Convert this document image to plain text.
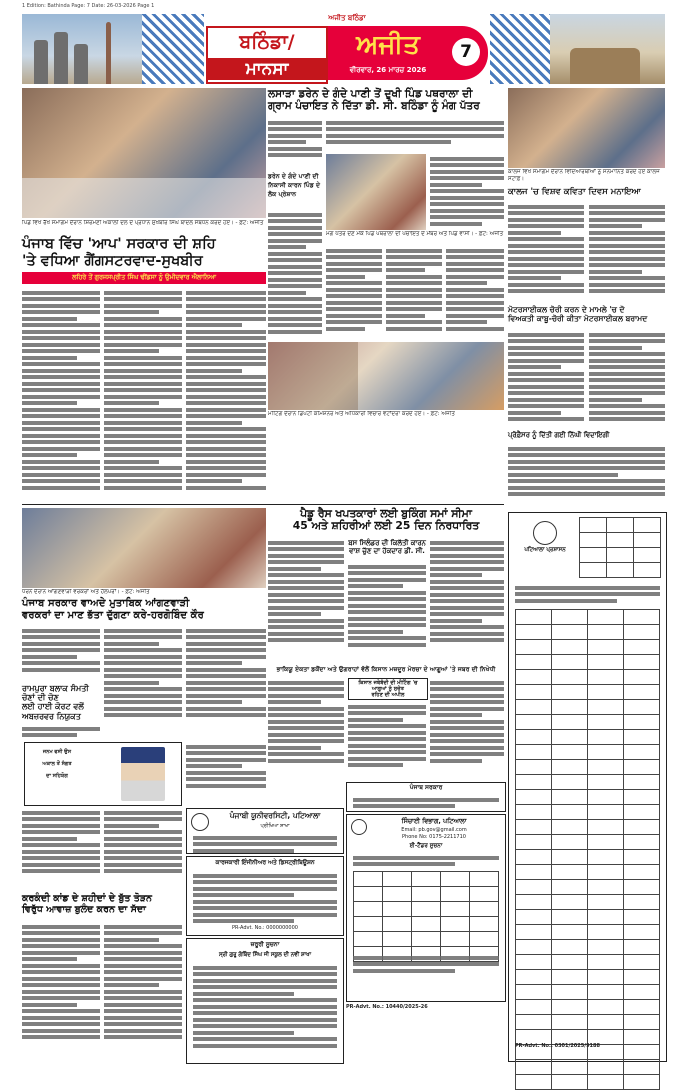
1 Edition: Bathinda Page: 7 Date: 26-03-2026 Page 1
ਅਜੀਤ ਬਠਿੰਡਾ
ਬਠਿੰਡਾ/
ਮਾਨਸਾ
ਅਜੀਤ
ਵੀਰਵਾਰ, 26 ਮਾਰਚ 2026
7
ਲਸਾੜਾ ਡਰੇਨ ਦੇ ਗੰਦੇ ਪਾਣੀ ਤੋਂ ਦੁਖੀ ਪਿੰਡ ਪਥਰਾਲਾ ਦੀ
ਗ੍ਰਾਮ ਪੰਚਾਇਤ ਨੇ ਦਿੱਤਾ ਡੀ. ਸੀ. ਬਠਿੰਡਾ ਨੂੰ ਮੰਗ ਪੱਤਰ
ਪਿੰਡ ਵਿਖੇ ਰੱਖੇ ਸਮਾਗਮ ਦੌਰਾਨ ਸ਼ਿਰੋਮਣੀ ਅਕਾਲੀ ਦਲ ਦੇ ਪ੍ਰਧਾਨ ਸੁਖਬੀਰ ਸਿੰਘ ਬਾਦਲ ਸੰਬੋਧਨ ਕਰਦੇ ਹੋਏ। - ਫ਼ੋਟੋ: ਅਜੀਤ
ਪੰਜਾਬ ਵਿੱਚ 'ਆਪ' ਸਰਕਾਰ ਦੀ ਸ਼ਹਿ
'ਤੇ ਵਧਿਆ ਗੈਂਗਸਟਰਵਾਦ-ਸੁਖਬੀਰ
ਲਹਿਰੇ ਤੋਂ ਗੁਰਜਸਪ੍ਰੀਤ ਸਿੰਘ ਢੀਂਡਸਾ ਨੂੰ ਉਮੀਦਵਾਰ ਐਲਾਨਿਆ
ਡਰੇਨ ਦੇ ਗੰਦੇ ਪਾਣੀ ਦੀ ਨਿਕਾਸੀ ਕਾਰਨ ਪਿੰਡ ਦੇ ਲੋਕ ਪ੍ਰੇਸ਼ਾਨ
ਮੰਗ ਪੱਤਰ ਦੇਣ ਮੌਕੇ ਪਿੰਡ ਪਥਰਾਲਾ ਦੀ ਪੰਚਾਇਤ ਦੇ ਮੈਂਬਰ ਅਤੇ ਪਿੰਡ ਵਾਸੀ। - ਫ਼ੋਟੋ: ਅਜੀਤ
ਮੀਟਿੰਗ ਦੌਰਾਨ ਡਿਪਟੀ ਕਮਿਸ਼ਨਰ ਅਤੇ ਅਧਿਕਾਰੀ ਵਿਚਾਰ ਵਟਾਂਦਰਾ ਕਰਦੇ ਹੋਏ। - ਫ਼ੋਟੋ: ਅਜੀਤ
ਕਾਲਜ ਵਿਖੇ ਸਮਾਗਮ ਦੌਰਾਨ ਵਿਦਿਆਰਥੀਆਂ ਨੂੰ ਸਨਮਾਨਿਤ ਕਰਦੇ ਹੋਏ ਕਾਲਜ ਸਟਾਫ਼।
ਕਾਲਜ 'ਚ ਵਿਸ਼ਵ ਕਵਿਤਾ ਦਿਵਸ ਮਨਾਇਆ
ਮੋਟਰਸਾਈਕਲ ਚੋਰੀ ਕਰਨ ਦੇ ਮਾਮਲੇ 'ਚ ਦੋ
ਵਿਅਕਤੀ ਕਾਬੂ-ਚੋਰੀ ਕੀਤਾ ਮੋਟਰਸਾਈਕਲ ਬਰਾਮਦ
ਪ੍ਰੋਫ਼ੈਸਰ ਨੂੰ ਦਿੱਤੀ ਗਈ ਨਿੱਘੀ ਵਿਦਾਇਗੀ
ਧਰਨੇ ਦੌਰਾਨ ਆਂਗਣਵਾੜੀ ਵਰਕਰਾਂ ਅਤੇ ਹੈਲਪਰਾਂ। - ਫ਼ੋਟੋ: ਅਜੀਤ
ਪੰਜਾਬ ਸਰਕਾਰ ਵਾਅਦੇ ਮੁਤਾਬਿਕ ਆਂਗਣਵਾੜੀ
ਵਰਕਰਾਂ ਦਾ ਮਾਣ ਭੱਤਾ ਦੁੱਗਣਾ ਕਰੇ-ਹਰਗੋਬਿੰਦ ਕੌਰ
ਰਾਮਪੁਰਾ ਬਲਾਕ ਸੰਮਤੀ ਚੋਣਾਂ ਦੀ ਚੋਣ
ਲਈ ਹਾਈ ਕੋਰਟ ਵਲੋਂ ਅਬਜ਼ਰਵਰ ਨਿਯੁਕਤ
ਜਨਮ ਵਸੀ ਉਸ
ਅਕਾਲ ਤੋਂ ਸੰਗਤ
ਦਾ ਸਹਿਯੋਗ
ਕਰਕੰਦੀ ਕਾਂਡ ਦੇ ਸ਼ਹੀਦਾਂ ਦੇ ਬੁੱਤ ਤੋੜਨ
ਵਿਰੁੱਧ ਆਵਾਜ਼ ਬੁਲੰਦ ਕਰਨ ਦਾ ਸੱਦਾ
ਪੈਡੂ ਰੈਸ ਖਪਤਕਾਰਾਂ ਲਈ ਬੁਕਿੰਗ ਸਮਾਂ ਸੀਮਾ
45 ਅਤੇ ਸ਼ਹਿਰੀਆਂ ਲਈ 25 ਦਿਨ ਨਿਰਧਾਰਿਤ
ਬਸ ਸਿਲੰਡਰ ਦੀ ਕਿਲੱਤੀ ਕਾਰਨ
ਵਾਸ਼ ਚੁੱਣ ਦਾ ਹੱਕਦਾਰ ਡੀ. ਸੀ.
ਭਾਕਿਯੂ ਏਕਤਾ ਡਕੌਂਦਾ ਅਤੇ ਉਗਰਾਹਾਂ ਵੱਲੋਂ ਕਿਸਾਨ ਮਜ਼ਦੂਰ ਮੋਰਚਾ ਦੇ ਆਗੂਆਂ 'ਤੇ ਜਬਰ ਦੀ ਨਿਖੇਧੀ
ਕਿਸਾਨ ਜਥੇਬੰਦੀ ਦੀ ਮੀਟਿੰਗ 'ਚ ਆਗੂਆਂ ਨੂੰ ਸੁਚੇਤ
ਰਹਿਣ ਦੀ ਅਪੀਲ
ਪੰਜਾਬੀ ਯੂਨੀਵਰਸਿਟੀ, ਪਟਿਆਲਾ
ਪ੍ਰੀਖਿਆ ਸ਼ਾਖਾ
ਕਾਰਜਕਾਰੀ ਇੰਜੀਨੀਅਰ ਅਤੇ ਡਿਸਟ੍ਰੀਬਿਊਸ਼ਨ
PR-Advt. No.: 0000000000
ਜ਼ਰੂਰੀ ਸੂਚਨਾ
ਸ੍ਰੀ ਗੁਰੂ ਗੋਬਿੰਦ ਸਿੰਘ ਜੀ ਸਕੂਲ ਦੀ ਨਵੀਂ ਸ਼ਾਖਾ
ਪੰਜਾਬ ਸਰਕਾਰ
ਸਿੰਚਾਈ ਵਿਭਾਗ, ਪਟਿਆਲਾ
Email: pb.gov@gmail.com
Phone No: 0175-2211710
ਈ-ਟੈਂਡਰ ਸੂਚਨਾ

PR-Advt. No.: 10440/2025-26
ਪਟਿਆਲਾ ਪ੍ਰਸ਼ਾਸਨ

PR-Advt. No.: 0301/2025/9188
